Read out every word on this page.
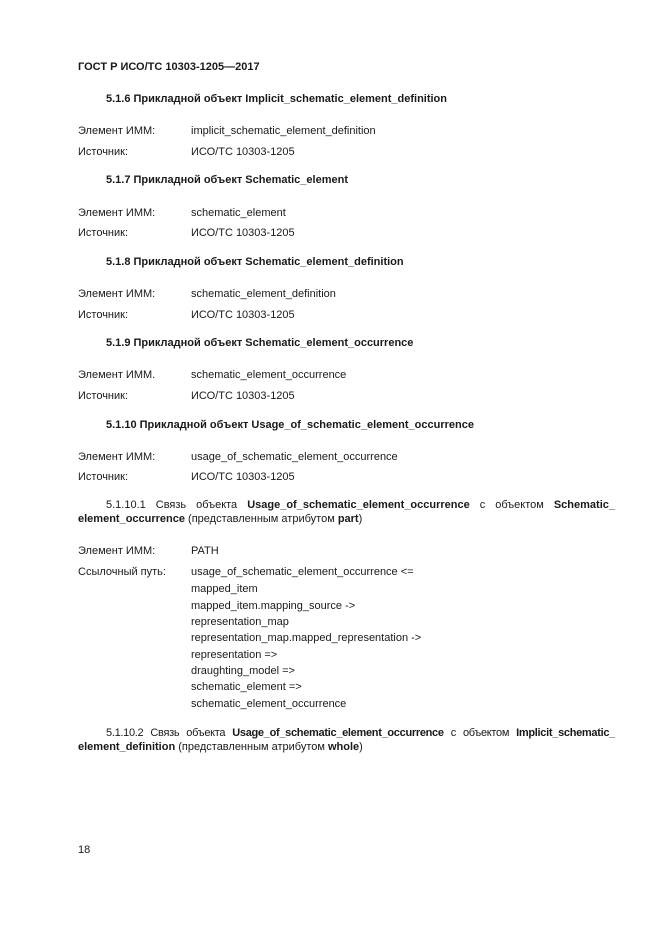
ГОСТ Р ИСО/ТС 10303-1205—2017
5.1.6 Прикладной объект Implicit_schematic_element_definition
Элемент ИММ:	implicit_schematic_element_definition
Источник:	ИСО/ТС 10303-1205
5.1.7 Прикладной объект Schematic_element
Элемент ИММ:	schematic_element
Источник:	ИСО/ТС 10303-1205
5.1.8 Прикладной объект Schematic_element_definition
Элемент ИММ:	schematic_element_definition
Источник:	ИСО/ТС 10303-1205
5.1.9 Прикладной объект Schematic_element_occurrence
Элемент ИММ.	schematic_element_occurrence
Источник:	ИСО/ТС 10303-1205
5.1.10 Прикладной объект Usage_of_schematic_element_occurrence
Элемент ИММ:	usage_of_schematic_element_occurrence
Источник:	ИСО/ТС 10303-1205
5.1.10.1 Связь объекта Usage_of_schematic_element_occurrence с объектом Schematic_
element_occurrence (представленным атрибутом part)
Элемент ИММ:	PATH
Ссылочный путь: usage_of_schematic_element_occurrence <=
mapped_item
mapped_item.mapping_source ->
representation_map
representation_map.mapped_representation ->
representation =>
draughting_model =>
schematic_element =>
schematic_element_occurrence
5.1.10.2 Связь объекта Usage_of_schematic_element_occurrence с объектом Implicit_schematic_
element_definition (представленным атрибутом whole)
18
